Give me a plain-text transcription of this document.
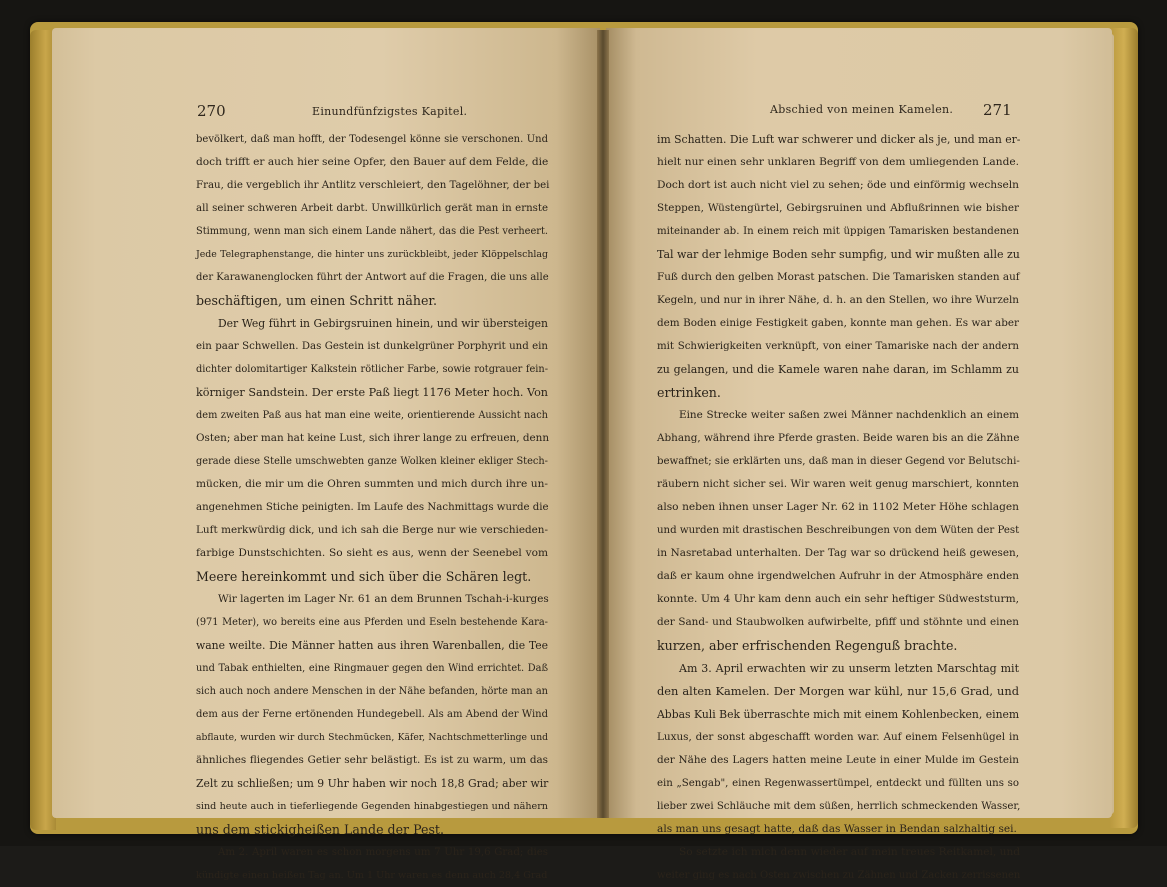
270	Einundfünfzigstes Kapitel.	Abschied von meinen Kamelen. 271
bevölkert, daß man hofft, der Todesengel könne sie verschonen. Und
doch trifft er auch hier seine Opfer, den Bauer auf dem Felde, die
Frau, die vergeblich ihr Antlitz verschleiert, den Tagelöhner, der bei
all seiner schweren Arbeit darbt. Unwillkürlich gerät man in ernste
Stimmung, wenn man sich einem Lande nähert, das die Pest verheert.
Jede Telegraphenstange, die hinter uns zurückbleibt, jeder Klöppelschlag
der Karawanenglocken führt der Antwort auf die Fragen, die uns alle
beschäftigen, um einen Schritt näher.
Der Weg führt in Gebirgsruinen hinein, und wir übersteigen
ein paar Schwellen. Das Gestein ist dunkelgrüner Porphyrit und ein
dichter dolomitartiger Kalkstein rötlicher Farbe, sowie rotgrauer fein-
körniger Sandstein. Der erste Paß liegt 1176 Meter hoch. Von
dem zweiten Paß aus hat man eine weite, orientierende Aussicht nach
Osten; aber man hat keine Lust, sich ihrer lange zu erfreuen, denn
gerade diese Stelle umschwebten ganze Wolken kleiner ekliger Stech-
mücken, die mir um die Ohren summten und mich durch ihre un-
angenehmen Stiche peinigten. Im Laufe des Nachmittags wurde die
Luft merkwürdig dick, und ich sah die Berge nur wie verschieden-
farbige Dunstschichten. So sieht es aus, wenn der Seenebel vom
Meere hereinkommt und sich über die Schären legt.
Wir lagerten im Lager Nr. 61 an dem Brunnen Tschah-i-kurges
(971 Meter), wo bereits eine aus Pferden und Eseln bestehende Kara-
wane weilte. Die Männer hatten aus ihren Warenballen, die Tee
und Tabak enthielten, eine Ringmauer gegen den Wind errichtet. Daß
sich auch noch andere Menschen in der Nähe befanden, hörte man an
dem aus der Ferne ertönenden Hundegebell. Als am Abend der Wind
abflaute, wurden wir durch Stechmücken, Käfer, Nachtschmetterlinge und
ähnliches fliegendes Getier sehr belästigt. Es ist zu warm, um das
Zelt zu schließen; um 9 Uhr haben wir noch 18,8 Grad; aber wir
sind heute auch in tieferliegende Gegenden hinabgestiegen und nähern
uns dem stickigheißen Lande der Pest.
Am 2. April waren es schon morgens um 7 Uhr 19,6 Grad; dies
kündigte einen heißen Tag an. Um 1 Uhr waren es denn auch 28,4 Grad
im Schatten. Die Luft war schwerer und dicker als je, und man er-
hielt nur einen sehr unklaren Begriff von dem umliegenden Lande.
Doch dort ist auch nicht viel zu sehen; öde und einförmig wechseln
Steppen, Wüstengürtel, Gebirgsruinen und Abflußrinnen wie bisher
miteinander ab. In einem reich mit üppigen Tamarisken bestandenen
Tal war der lehmige Boden sehr sumpfig, und wir mußten alle zu
Fuß durch den gelben Morast patschen. Die Tamarisken standen auf
Kegeln, und nur in ihrer Nähe, d. h. an den Stellen, wo ihre Wurzeln
dem Boden einige Festigkeit gaben, konnte man gehen. Es war aber
mit Schwierigkeiten verknüpft, von einer Tamariske nach der andern
zu gelangen, und die Kamele waren nahe daran, im Schlamm zu
ertrinken.
Eine Strecke weiter saßen zwei Männer nachdenklich an einem
Abhang, während ihre Pferde grasten. Beide waren bis an die Zähne
bewaffnet; sie erklärten uns, daß man in dieser Gegend vor Belutschi-
räubern nicht sicher sei. Wir waren weit genug marschiert, konnten
also neben ihnen unser Lager Nr. 62 in 1102 Meter Höhe schlagen
und wurden mit drastischen Beschreibungen von dem Wüten der Pest
in Nasretabad unterhalten. Der Tag war so drückend heiß gewesen,
daß er kaum ohne irgendwelchen Aufruhr in der Atmosphäre enden
konnte. Um 4 Uhr kam denn auch ein sehr heftiger Südweststurm,
der Sand- und Staubwolken aufwirbelte, pfiff und stöhnte und einen
kurzen, aber erfrischenden Regenguß brachte.
Am 3. April erwachten wir zu unserm letzten Marschtag mit
den alten Kamelen. Der Morgen war kühl, nur 15,6 Grad, und
Abbas Kuli Bek überraschte mich mit einem Kohlenbecken, einem
Luxus, der sonst abgeschafft worden war. Auf einem Felsenhügel in
der Nähe des Lagers hatten meine Leute in einer Mulde im Gestein
ein „Sengab", einen Regenwassertümpel, entdeckt und füllten uns so
lieber zwei Schläuche mit dem süßen, herrlich schmeckenden Wasser,
als man uns gesagt hatte, daß das Wasser in Bendan salzhaltig sei.
So setzte ich mich denn wieder auf mein treues Reitkamel, und
weiter ging es nach Osten zwischen zu Zähnen und Zacken zerrissenen
